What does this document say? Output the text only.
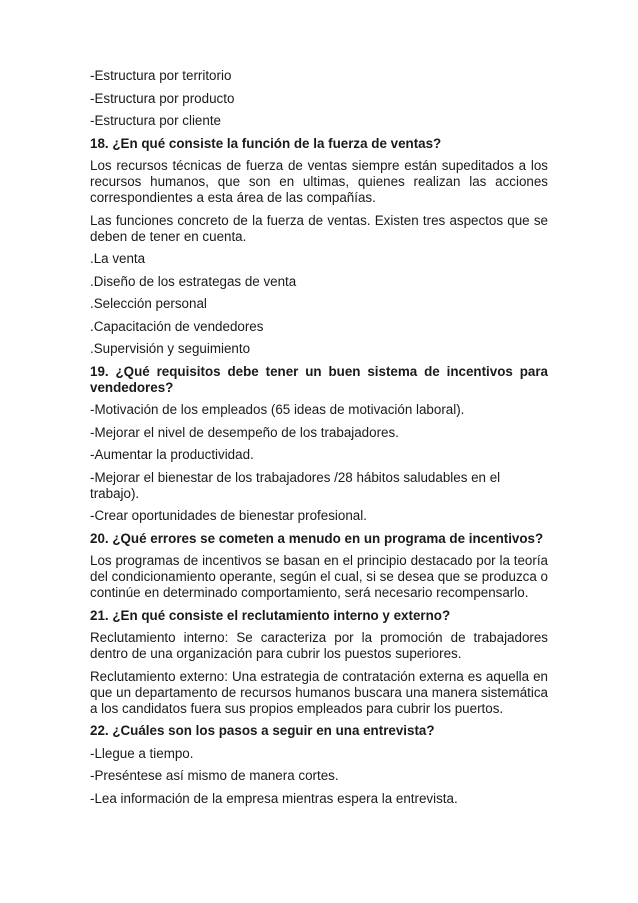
-Estructura por territorio

-Estructura por producto

-Estructura por cliente

18. ¿En qué consiste la función de la fuerza de ventas?

Los recursos técnicas de fuerza de ventas siempre están supeditados a los recursos humanos, que son en ultimas, quienes realizan las acciones correspondientes a esta área de las compañías.

Las funciones concreto de la fuerza de ventas. Existen tres aspectos que se deben de tener en cuenta.

.La venta

.Diseño de los estrategas de venta

.Selección personal

.Capacitación de vendedores

.Supervisión y seguimiento

19. ¿Qué requisitos debe tener un buen sistema de incentivos para vendedores?

-Motivación de los empleados (65 ideas de motivación laboral).

-Mejorar el nivel de desempeño de los trabajadores.

-Aumentar la productividad.

-Mejorar el bienestar de los trabajadores /28 hábitos saludables en el trabajo).

-Crear oportunidades de bienestar profesional.

20. ¿Qué errores se cometen a menudo en un programa de incentivos?

Los programas de incentivos se basan en el principio destacado por la teoría del condicionamiento operante, según el cual, si se desea que se produzca o continúe en determinado comportamiento, será necesario recompensarlo.

21. ¿En qué consiste el reclutamiento interno y externo?

Reclutamiento interno: Se caracteriza por la promoción de trabajadores dentro de una organización para cubrir los puestos superiores.

Reclutamiento externo: Una estrategia de contratación externa es aquella en que un departamento de recursos humanos buscara una manera sistemática a los candidatos fuera sus propios empleados para cubrir los puertos.

22. ¿Cuáles son los pasos a seguir en una entrevista?

-Llegue a tiempo.

-Preséntese así mismo de manera cortes.

-Lea información de la empresa mientras espera la entrevista.
